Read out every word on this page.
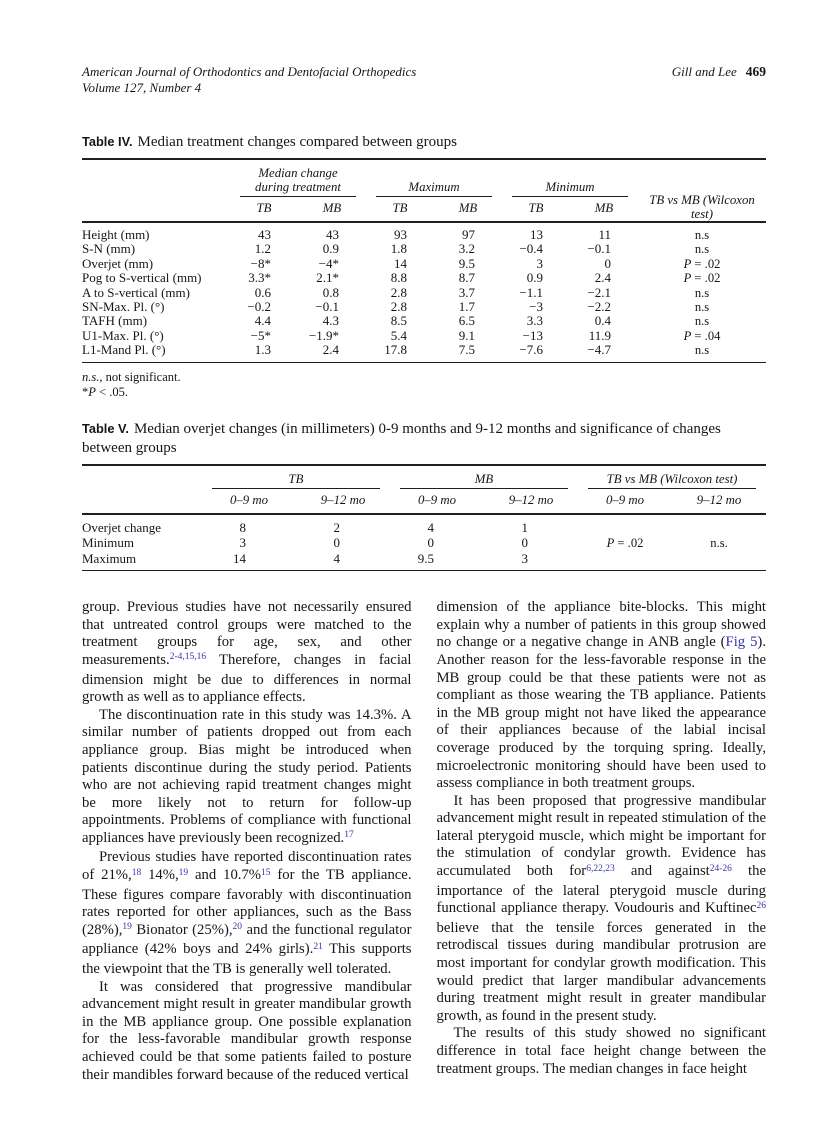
American Journal of Orthodontics and Dentofacial Orthopedics
Volume 127, Number 4
Gill and Lee 469
Table IV. Median treatment changes compared between groups

	Median change during treatment		Maximum		Minimum		TB vs MB (Wilcoxon test)
	TB	MB	TB	MB	TB	MB	
Height (mm)	43	43	93	97	13	11	n.s
S-N (mm)	1.2	0.9	1.8	3.2	−0.4	−0.1	n.s
Overjet (mm)	−8*	−4*	14	9.5	3	0	P = .02
Pog to S-vertical (mm)	3.3*	2.1*	8.8	8.7	0.9	2.4	P = .02
A to S-vertical (mm)	0.6	0.8	2.8	3.7	−1.1	−2.1	n.s
SN-Max. Pl. (°)	−0.2	−0.1	2.8	1.7	−3	−2.2	n.s
TAFH (mm)	4.4	4.3	8.5	6.5	3.3	0.4	n.s
U1-Max. Pl. (°)	−5*	−1.9*	5.4	9.1	−13	11.9	P = .04
L1-Mand Pl. (°)	1.3	2.4	17.8	7.5	−7.6	−4.7	n.s
n.s., not significant.
*P < .05.
Table V. Median overjet changes (in millimeters) 0-9 months and 9-12 months and significance of changes between groups

	TB		MB		TB vs MB (Wilcoxon test)	

	0–9 mo	9–12 mo	0–9 mo	9–12 mo	0–9 mo	9–12 mo
Overjet change	8	2	4	1		
Minimum	3	0	0	0	P = .02	n.s.
Maximum	14	4	9.5	3		

group. Previous studies have not necessarily ensured that untreated control groups were matched to the treatment groups for age, sex, and other measurements.$^{2-4,15,16}$ Therefore, changes in facial dimension might be due to differences in normal growth as well as to appliance effects.

The discontinuation rate in this study was 14.3%. A similar number of patients dropped out from each appliance group. Bias might be introduced when patients discontinue during the study period. Patients who are not achieving rapid treatment changes might be more likely not to return for follow-up appointments. Problems of compliance with functional appliances have previously been recognized.$^{17}$

Previous studies have reported discontinuation rates of 21%,$^{18}$ 14%,$^{19}$ and 10.7%$^{15}$ for the TB appliance. These figures compare favorably with discontinuation rates reported for other appliances, such as the Bass (28%),$^{19}$ Bionator (25%),$^{20}$ and the functional regulator appliance (42% boys and 24% girls).$^{21}$ This supports the viewpoint that the TB is generally well tolerated.

It was considered that progressive mandibular advancement might result in greater mandibular growth in the MB appliance group. One possible explanation for the less-favorable mandibular growth response achieved could be that some patients failed to posture their mandibles forward because of the reduced vertical

dimension of the appliance bite-blocks. This might explain why a number of patients in this group showed no change or a negative change in ANB angle (Fig 5). Another reason for the less-favorable response in the MB group could be that these patients were not as compliant as those wearing the TB appliance. Patients in the MB group might not have liked the appearance of their appliances because of the labial incisal coverage produced by the torquing spring. Ideally, microelectronic monitoring should have been used to assess compliance in both treatment groups.

It has been proposed that progressive mandibular advancement might result in repeated stimulation of the lateral pterygoid muscle, which might be important for the stimulation of condylar growth. Evidence has accumulated both for$^{6,22,23}$ and against$^{24-26}$ the importance of the lateral pterygoid muscle during functional appliance therapy. Voudouris and Kuftinec$^{26}$ believe that the tensile forces generated in the retrodiscal tissues during mandibular protrusion are most important for condylar growth modification. This would predict that larger mandibular advancements during treatment might result in greater mandibular growth, as found in the present study.

The results of this study showed no significant difference in total face height change between the treatment groups. The median changes in face height
